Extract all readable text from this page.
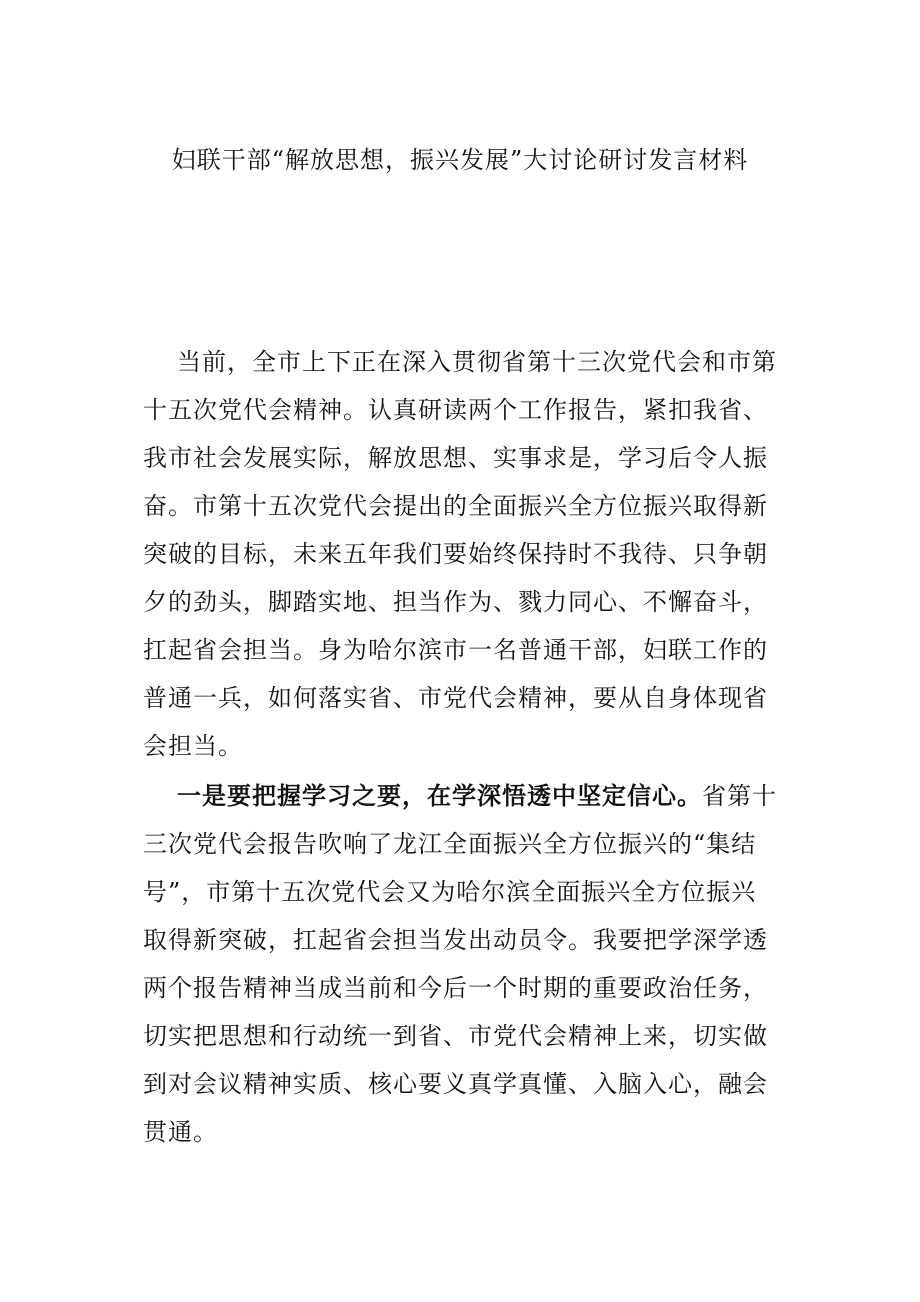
妇联干部“解放思想，振兴发展”大讨论研讨发言材料
当前，全市上下正在深入贯彻省第十三次党代会和市第
十五次党代会精神。认真研读两个工作报告，紧扣我省、
我市社会发展实际，解放思想、实事求是，学习后令人振
奋。市第十五次党代会提出的全面振兴全方位振兴取得新
突破的目标，未来五年我们要始终保持时不我待、只争朝
夕的劲头，脚踏实地、担当作为、戮力同心、不懈奋斗，
扛起省会担当。身为哈尔滨市一名普通干部，妇联工作的
普通一兵，如何落实省、市党代会精神，要从自身体现省
会担当。
一是要把握学习之要，在学深悟透中坚定信心。省第十
三次党代会报告吹响了龙江全面振兴全方位振兴的“集结
号”，市第十五次党代会又为哈尔滨全面振兴全方位振兴
取得新突破，扛起省会担当发出动员令。我要把学深学透
两个报告精神当成当前和今后一个时期的重要政治任务，
切实把思想和行动统一到省、市党代会精神上来，切实做
到对会议精神实质、核心要义真学真懂、入脑入心，融会
贯通。
